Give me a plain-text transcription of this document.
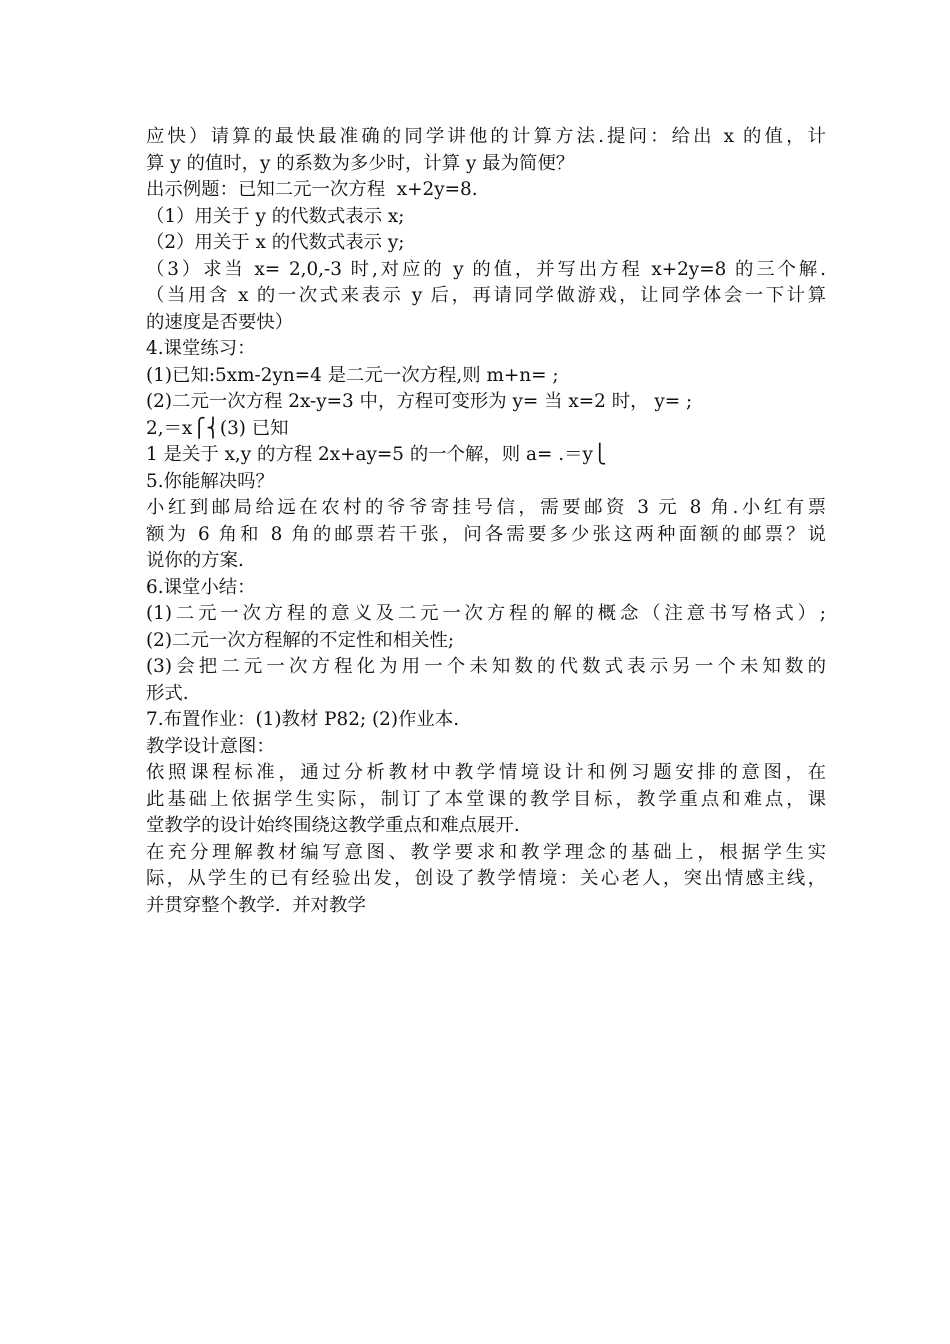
应快）请算的最快最准确的同学讲他的计算方法.提问：给出 x 的值，计
算 y 的值时，y 的系数为多少时，计算 y 最为简便？
出示例题：已知二元一次方程  x+2y=8.
（1）用关于 y 的代数式表示 x;
（2）用关于 x 的代数式表示 y;
（3）求当 x= 2,0,-3 时,对应的 y 的值，并写出方程 x+2y=8 的三个解.
（当用含 x 的一次式来表示 y 后，再请同学做游戏，让同学体会一下计算
的速度是否要快）
4.课堂练习：
(1)已知:5xm-2yn=4 是二元一次方程,则 m+n= ;
(2)二元一次方程 2x-y=3 中，方程可变形为 y= 当 x=2 时， y= ;
2,＝x⎧⎨(3) 已知
1 是关于 x,y 的方程 2x+ay=5 的一个解，则 a= .＝y⎩
5.你能解决吗？
小红到邮局给远在农村的爷爷寄挂号信，需要邮资 3 元 8 角.小红有票
额为 6 角和 8 角的邮票若干张，问各需要多少张这两种面额的邮票？说
说你的方案.
6.课堂小结：
(1)二元一次方程的意义及二元一次方程的解的概念（注意书写格式）;
(2)二元一次方程解的不定性和相关性;
(3)会把二元一次方程化为用一个未知数的代数式表示另一个未知数的
形式.
7.布置作业：(1)教材 P82; (2)作业本.
教学设计意图：
依照课程标准，通过分析教材中教学情境设计和例习题安排的意图，在
此基础上依据学生实际，制订了本堂课的教学目标，教学重点和难点，课
堂教学的设计始终围绕这教学重点和难点展开.
在充分理解教材编写意图、教学要求和教学理念的基础上，根据学生实
际，从学生的已有经验出发，创设了教学情境：关心老人，突出情感主线，
并贯穿整个教学.  并对教学
